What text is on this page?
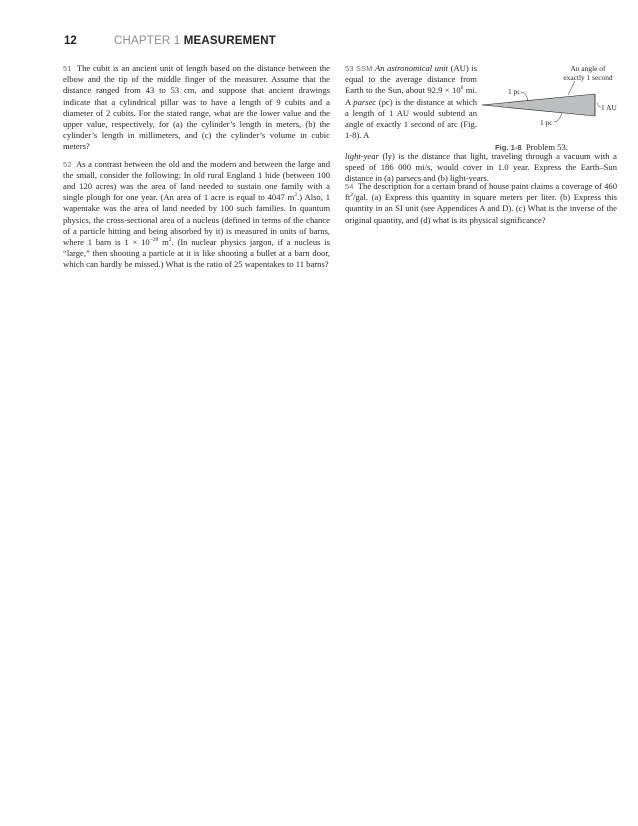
12	CHAPTER 1 MEASUREMENT

51 The cubit is an ancient unit of length based on the distance between the elbow and the tip of the middle finger of the measurer. Assume that the distance ranged from 43 to 53 cm, and suppose that ancient drawings indicate that a cylindrical pillar was to have a length of 9 cubits and a diameter of 2 cubits. For the stated range, what are the lower value and the upper value, respectively, for (a) the cylinder’s length in meters, (b) the cylinder’s length in millimeters, and (c) the cylinder’s volume in cubic meters?

52 As a contrast between the old and the modern and between the large and the small, consider the following: In old rural England 1 hide (between 100 and 120 acres) was the area of land needed to sustain one family with a single plough for one year. (An area of 1 acre is equal to 4047 $m^2$.) Also, 1 wapentake was the area of land needed by 100 such families. In quantum physics, the cross-sectional area of a nucleus (defined in terms of the chance of a particle hitting and being absorbed by it) is measured in units of barns, where 1 barn is $1 \times 10^{-28}$ $m^2$. (In nuclear physics jargon, if a nucleus is “large,” then shooting a particle at it is like shooting a bullet at a barn door, which can hardly be missed.) What is the ratio of 25 wapentakes to 11 barns?

53 SSM An astronomical unit (AU) is equal to the average distance from Earth to the Sun, about $92.9 \times 10^6$ mi. A parsec (pc) is the distance at which a length of 1 AU would subtend an angle of exactly 1 second of arc (Fig. 1-8). A
An angle of
exactly 1 second
1 pc
1 pc
1 AU
Fig. 1-8 Problem 53.
light-year (ly) is the distance that light, traveling through a vacuum with a speed of 186 000 mi/s, would cover in 1.0 year. Express the Earth–Sun distance in (a) parsecs and (b) light-years.

54 The description for a certain brand of house paint claims a coverage of 460 $ft^2$/gal. (a) Express this quantity in square meters per liter. (b) Express this quantity in an SI unit (see Appendices A and D). (c) What is the inverse of the original quantity, and (d) what is its physical significance?
